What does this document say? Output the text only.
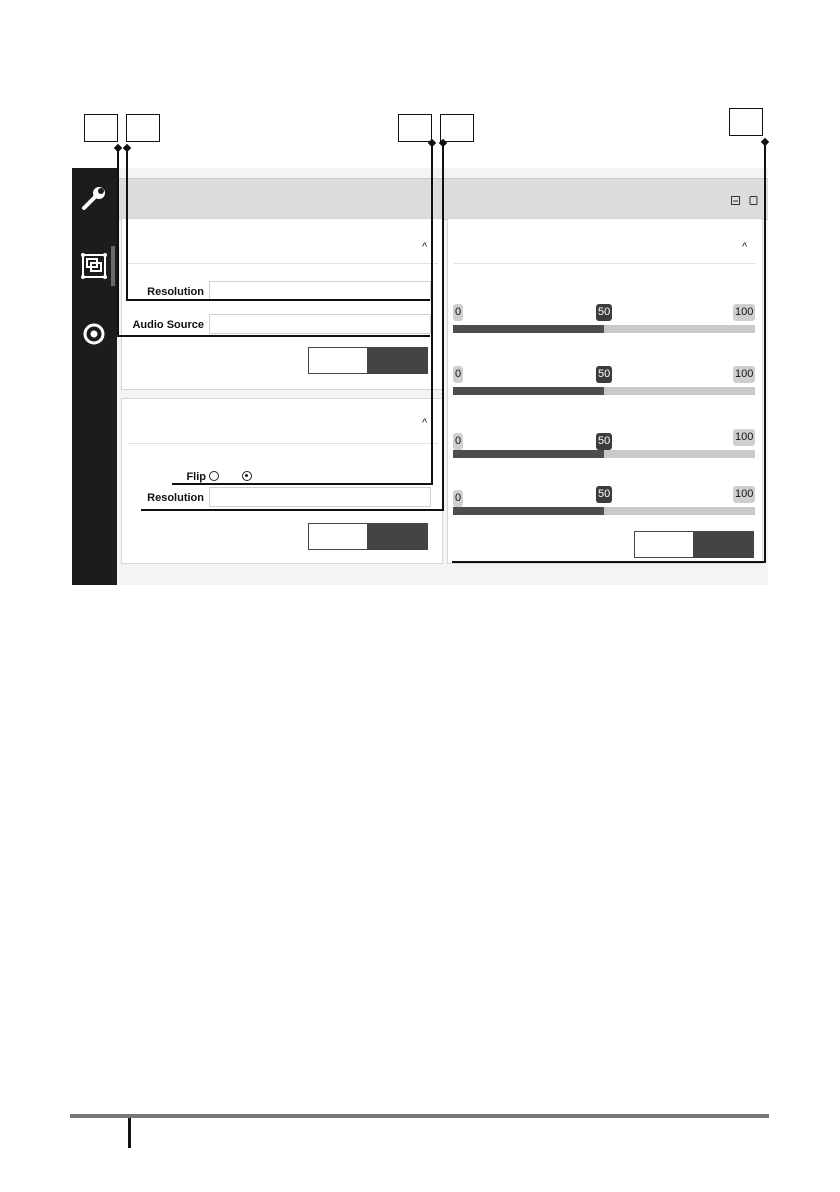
^
Resolution
Audio Source
^
Flip
Resolution
^
0	50	100
0	50	100
0	50	100
0	50	100
